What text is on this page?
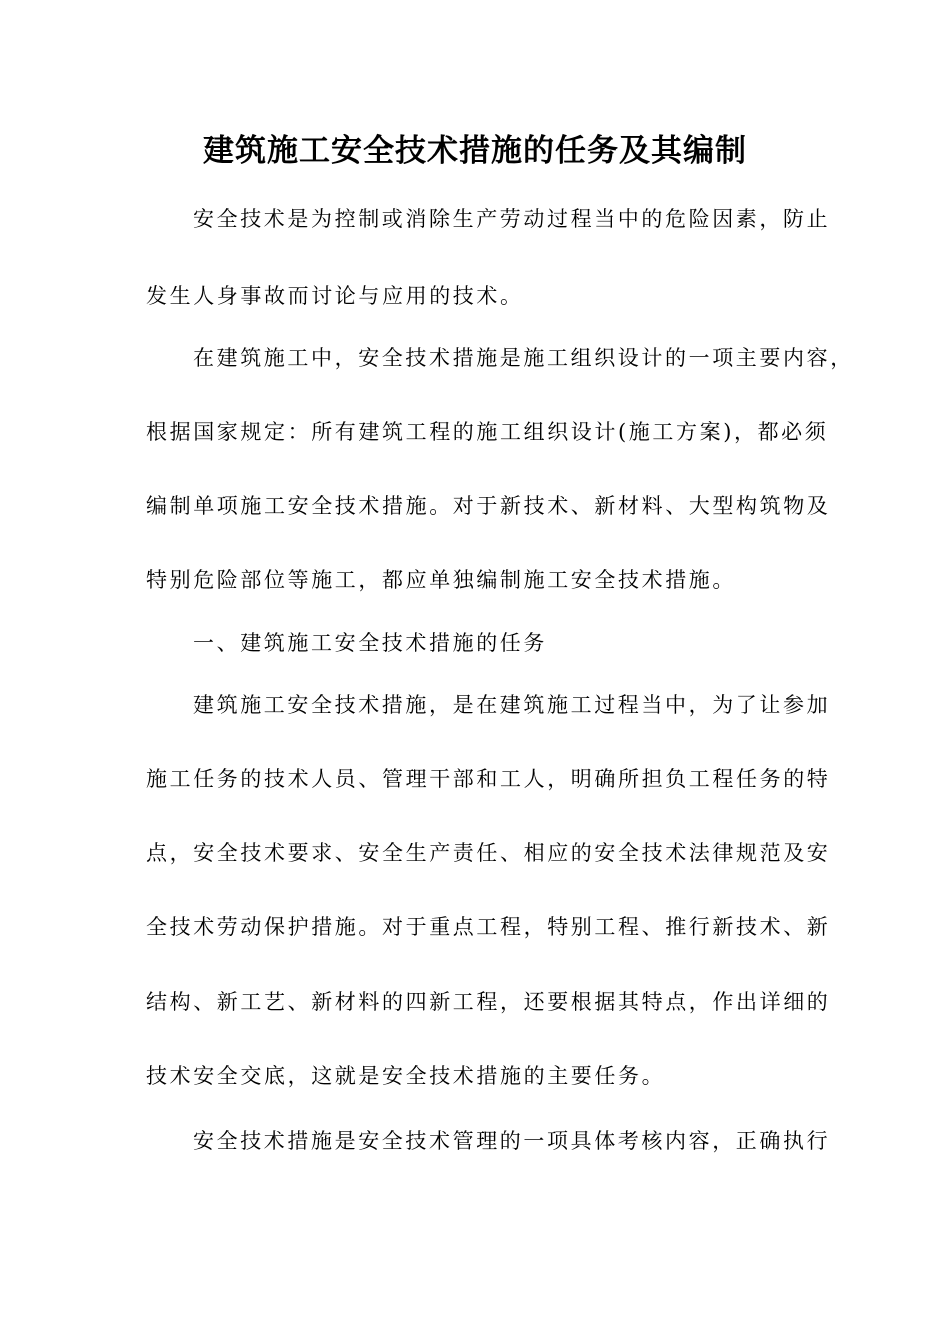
建筑施工安全技术措施的任务及其编制
安全技术是为控制或消除生产劳动过程当中的危险因素，防止
发生人身事故而讨论与应用的技术。
在建筑施工中，安全技术措施是施工组织设计的一项主要内容，
根据国家规定：所有建筑工程的施工组织设计(施工方案)，都必须
编制单项施工安全技术措施。对于新技术、新材料、大型构筑物及
特别危险部位等施工，都应单独编制施工安全技术措施。
一、建筑施工安全技术措施的任务
建筑施工安全技术措施，是在建筑施工过程当中，为了让参加
施工任务的技术人员、管理干部和工人，明确所担负工程任务的特
点，安全技术要求、安全生产责任、相应的安全技术法律规范及安
全技术劳动保护措施。对于重点工程，特别工程、推行新技术、新
结构、新工艺、新材料的四新工程，还要根据其特点，作出详细的
技术安全交底，这就是安全技术措施的主要任务。
安全技术措施是安全技术管理的一项具体考核内容，正确执行
